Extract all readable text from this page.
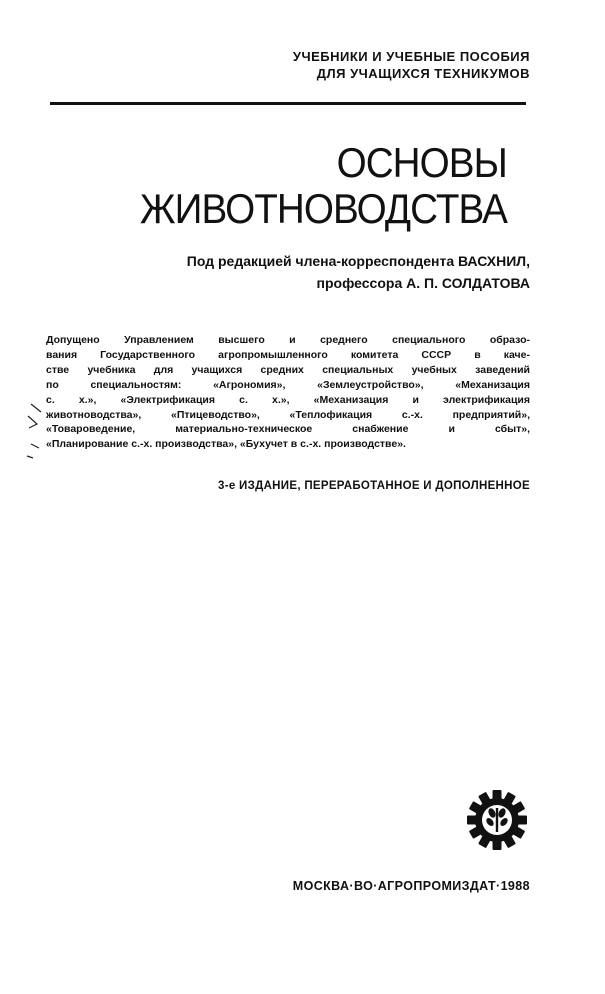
УЧЕБНИКИ И УЧЕБНЫЕ ПОСОБИЯ
ДЛЯ УЧАЩИХСЯ ТЕХНИКУМОВ
ОСНОВЫ
ЖИВОТНОВОДСТВА
Под редакцией члена-корреспондента ВАСХНИЛ,
профессора А. П. СОЛДАТОВА
Допущено Управлением высшего и среднего специального образо-
вания Государственного агропромышленного комитета СССР в каче-
стве учебника для учащихся средних специальных учебных заведений
по специальностям: «Агрономия», «Землеустройство», «Механизация
с. х.», «Электрификация с. х.», «Механизация и электрификация
животноводства», «Птицеводство», «Теплофикация с.-х. предприятий»,
«Товароведение, материально-техническое снабжение и сбыт»,
«Планирование с.-х. производства», «Бухучет в с.-х. производстве».
3-е ИЗДАНИЕ, ПЕРЕРАБОТАННОЕ И ДОПОЛНЕННОЕ
МОСКВА·ВО·АГРОПРОМИЗДАТ·1988
